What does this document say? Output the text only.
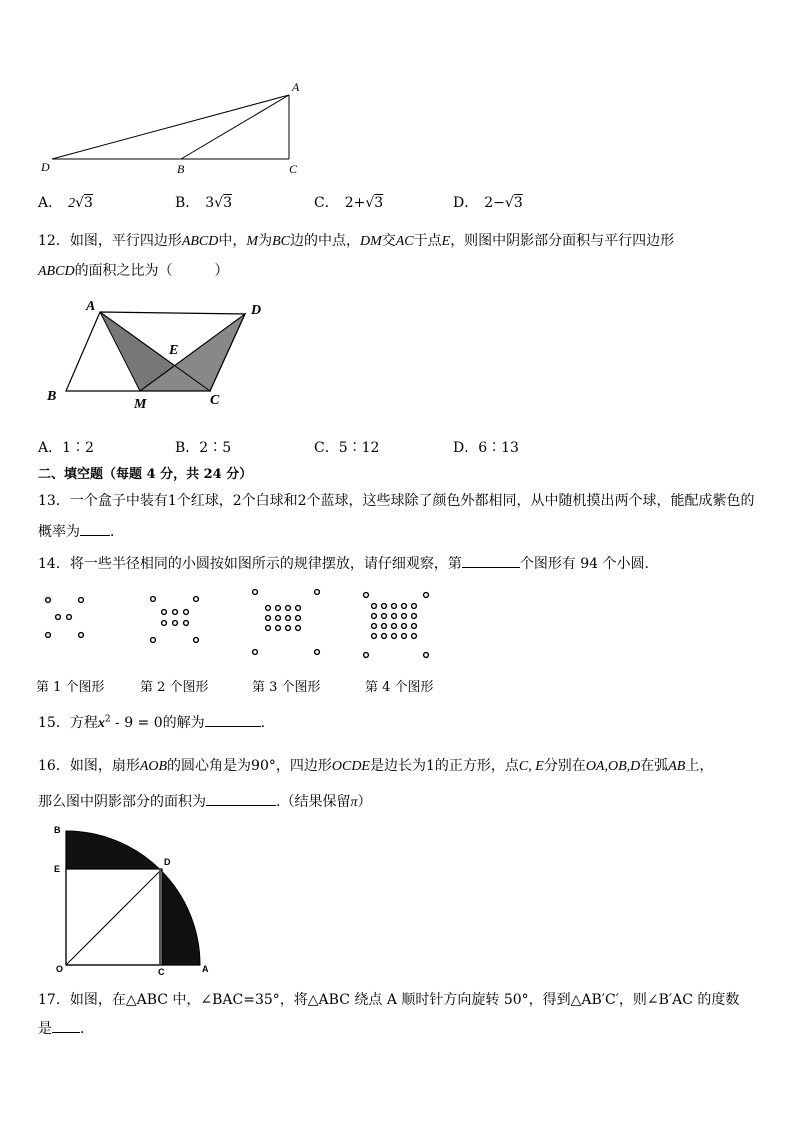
A
D	B	C
A． 2√3	B． 3√3	C． 2+√3	D． 2−√3
12．如图，平行四边形ABCD中，M为BC边的中点，DM交AC于点E，则图中阴影部分面积与平行四边形
ABCD的面积之比为（　　　）
A	D
E
B
M	C
A．1∶2	B．2∶5	C．5∶12	D．6∶13
二、填空题（每题 4 分，共 24 分）
13．一个盒子中装有1个红球，2个白球和2个蓝球，这些球除了颜色外都相同，从中随机摸出两个球，能配成紫色的
概率为 ．
14．将一些半径相同的小圆按如图所示的规律摆放，请仔细观察，第	个图形有 94 个小圆.
第 1 个图形	第 2 个图形	第 3 个图形	第 4 个图形
15．方程$x^2 - 9 = 0$的解为	.
16．如图，扇形AOB的圆心角是为90°，四边形OCDE是边长为1的正方形，点C, E分别在OA,OB,D在弧AB上，
那么图中阴影部分的面积为	.（结果保留π）
B
E
D
O	C	A
17．如图，在△ABC 中，∠BAC=35°，将△ABC 绕点 A 顺时针方向旋转 50°，得到△AB′C′，则∠B′AC 的度数
是 ．
